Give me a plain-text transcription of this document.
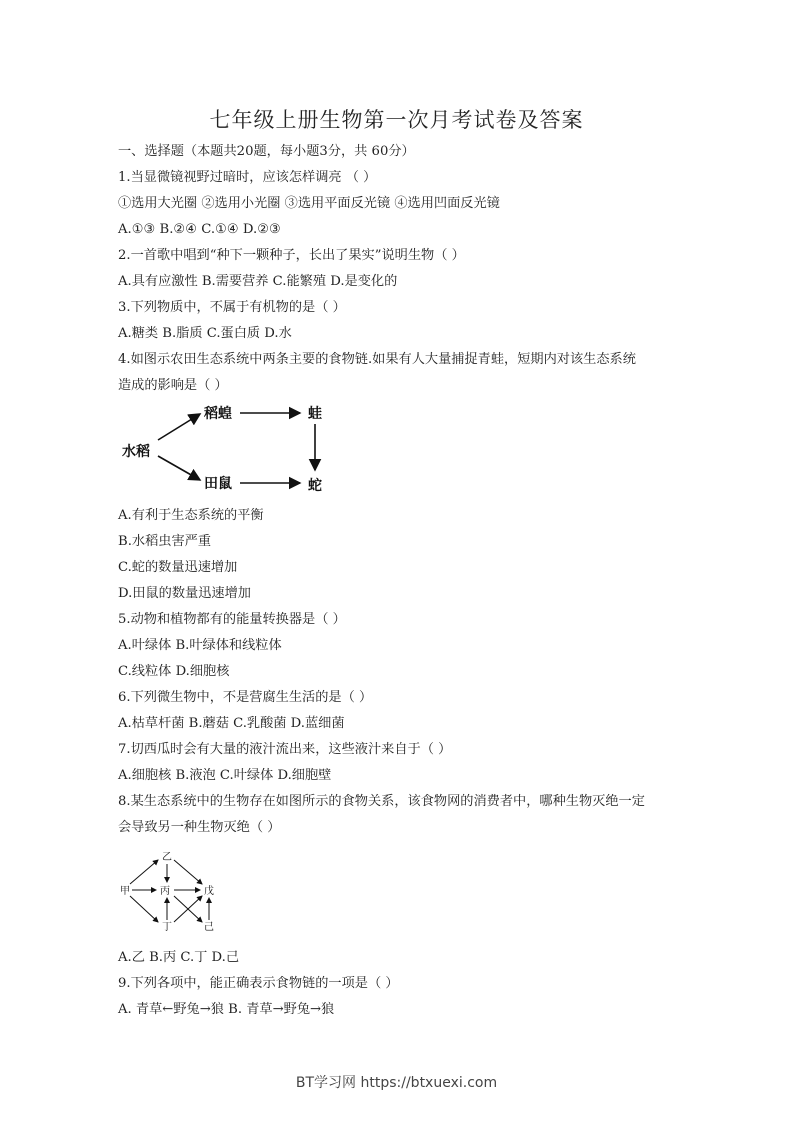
七年级上册生物第一次月考试卷及答案
一、选择题（本题共20题，每小题3分，共 60分）
1.当显微镜视野过暗时，应该怎样调亮 （ ）
①选用大光圈 ②选用小光圈 ③选用平面反光镜 ④选用凹面反光镜
A.①③ B.②④ C.①④ D.②③
2.一首歌中唱到“种下一颗种子，长出了果实”说明生物（ ）
A.具有应激性 B.需要营养 C.能繁殖 D.是变化的
3.下列物质中，不属于有机物的是（ ）
A.糖类 B.脂质 C.蛋白质 D.水
4.如图示农田生态系统中两条主要的食物链.如果有人大量捕捉青蛙，短期内对该生态系统
造成的影响是（ ）
水稻
稻蝗	蛙
田鼠	蛇
A.有利于生态系统的平衡
B.水稻虫害严重
C.蛇的数量迅速增加
D.田鼠的数量迅速增加
5.动物和植物都有的能量转换器是（ ）
A.叶绿体 B.叶绿体和线粒体
C.线粒体 D.细胞核
6.下列微生物中，不是营腐生生活的是（ ）
A.枯草杆菌 B.蘑菇 C.乳酸菌 D.蓝细菌
7.切西瓜时会有大量的液汁流出来，这些液汁来自于（ ）
A.细胞核 B.液泡 C.叶绿体 D.细胞壁
8.某生态系统中的生物存在如图所示的食物关系，该食物网的消费者中，哪种生物灭绝一定
会导致另一种生物灭绝（ ）
甲
乙
丙
丁
戊
己
A.乙 B.丙 C.丁 D.己
9.下列各项中，能正确表示食物链的一项是（ ）
A. 青草←野兔→狼 B. 青草→野兔→狼
BT学习网 https://btxuexi.com
